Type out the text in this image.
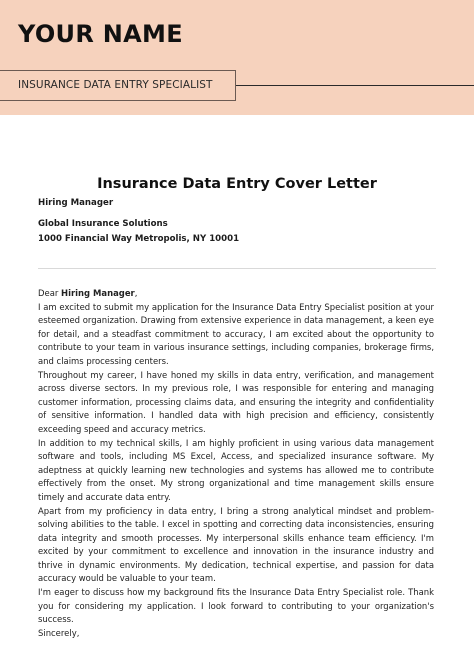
YOUR NAME
INSURANCE DATA ENTRY SPECIALIST
Insurance Data Entry Cover Letter
Hiring Manager
Global Insurance Solutions
1000 Financial Way Metropolis, NY 10001

Dear Hiring Manager,

I am excited to submit my application for the Insurance Data Entry Specialist position at your esteemed organization. Drawing from extensive experience in data management, a keen eye for detail, and a steadfast commitment to accuracy, I am excited about the opportunity to contribute to your team in various insurance settings, including companies, brokerage firms, and claims processing centers.

Throughout my career, I have honed my skills in data entry, verification, and management across diverse sectors. In my previous role, I was responsible for entering and managing customer information, processing claims data, and ensuring the integrity and confidentiality of sensitive information. I handled data with high precision and efficiency, consistently exceeding speed and accuracy metrics.

In addition to my technical skills, I am highly proficient in using various data management software and tools, including MS Excel, Access, and specialized insurance software. My adeptness at quickly learning new technologies and systems has allowed me to contribute effectively from the onset. My strong organizational and time management skills ensure timely and accurate data entry.

Apart from my proficiency in data entry, I bring a strong analytical mindset and problem-solving abilities to the table. I excel in spotting and correcting data inconsistencies, ensuring data integrity and smooth processes. My interpersonal skills enhance team efficiency. I'm excited by your commitment to excellence and innovation in the insurance industry and thrive in dynamic environments. My dedication, technical expertise, and passion for data accuracy would be valuable to your team.

I'm eager to discuss how my background fits the Insurance Data Entry Specialist role. Thank you for considering my application. I look forward to contributing to your organization's success.

Sincerely,
